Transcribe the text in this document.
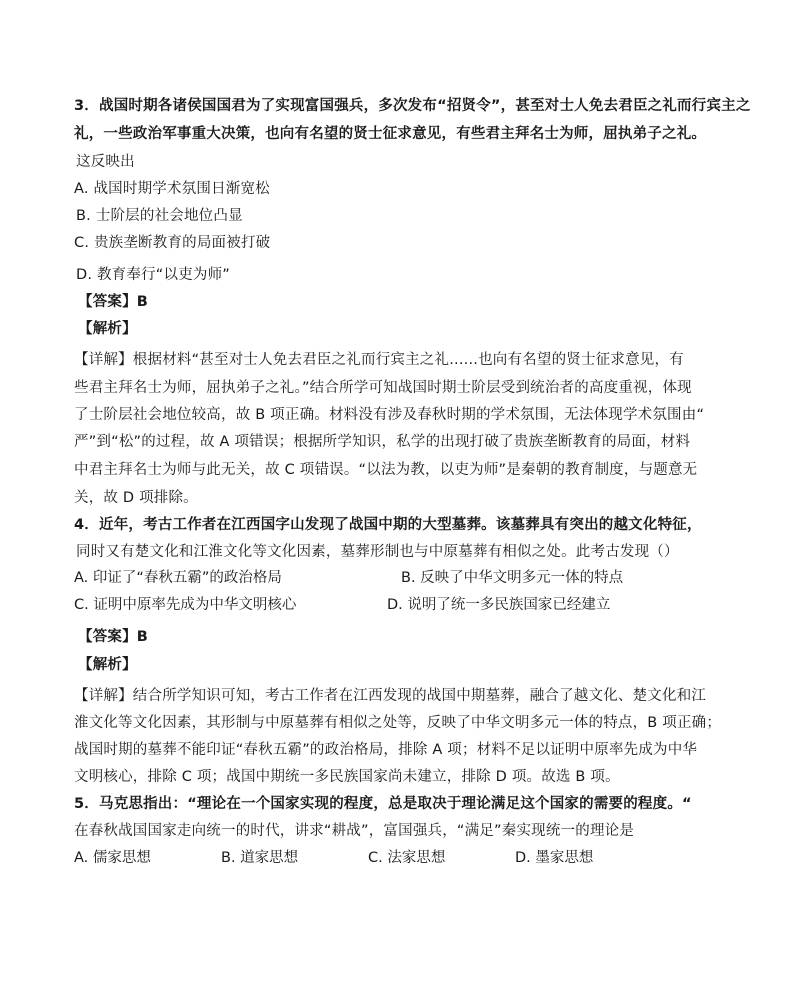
3．战国时期各诸侯国国君为了实现富国强兵，多次发布“招贤令”，甚至对士人免去君臣之礼而行宾主之

礼，一些政治军事重大决策，也向有名望的贤士征求意见，有些君主拜名士为师，屈执弟子之礼。

这反映出

A. 战国时期学术氛围日渐宽松

B. 士阶层的社会地位凸显

C. 贵族垄断教育的局面被打破

D. 教育奉行“以吏为师”

【答案】B

【解析】

【详解】根据材料“甚至对士人免去君臣之礼而行宾主之礼......也向有名望的贤士征求意见，有

些君主拜名士为师，屈执弟子之礼。”结合所学可知战国时期士阶层受到统治者的高度重视，体现

了士阶层社会地位较高，故 B 项正确。材料没有涉及春秋时期的学术氛围，无法体现学术氛围由“

严”到“松”的过程，故 A 项错误；根据所学知识，私学的出现打破了贵族垄断教育的局面，材料

中君主拜名士为师与此无关，故 C 项错误。“以法为教，以吏为师”是秦朝的教育制度，与题意无

关，故 D 项排除。

4．近年，考古工作者在江西国字山发现了战国中期的大型墓葬。该墓葬具有突出的越文化特征，

同时又有楚文化和江淮文化等文化因素，墓葬形制也与中原墓葬有相似之处。此考古发现（）

A. 印证了“春秋五霸”的政治格局	B. 反映了中华文明多元一体的特点
C. 证明中原率先成为中华文明核心	D. 说明了统一多民族国家已经建立

【答案】B

【解析】

【详解】结合所学知识可知，考古工作者在江西发现的战国中期墓葬，融合了越文化、楚文化和江

淮文化等文化因素，其形制与中原墓葬有相似之处等，反映了中华文明多元一体的特点，B 项正确；

战国时期的墓葬不能印证“春秋五霸”的政治格局，排除 A 项；材料不足以证明中原率先成为中华

文明核心，排除 C 项；战国中期统一多民族国家尚未建立，排除 D 项。故选 B 项。

5．马克思指出：“理论在一个国家实现的程度，总是取决于理论满足这个国家的需要的程度。“

在春秋战国国家走向统一的时代，讲求“耕战”，富国强兵，“满足”秦实现统一的理论是

A. 儒家思想	B. 道家思想	C. 法家思想	D. 墨家思想
